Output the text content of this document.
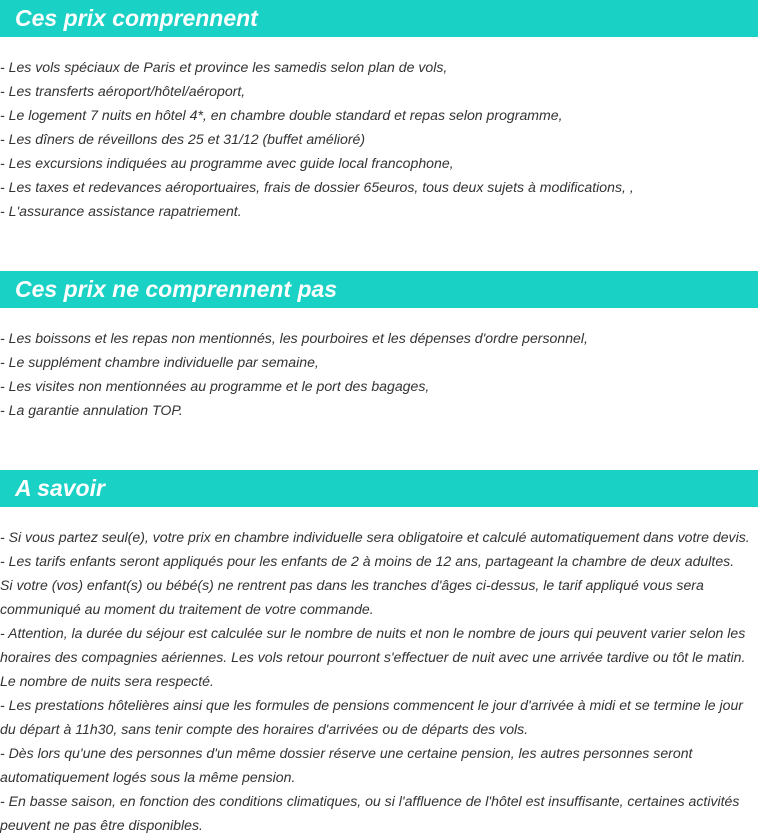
Ces prix comprennent
- Les vols spéciaux de Paris et province les samedis selon plan de vols,
- Les transferts aéroport/hôtel/aéroport,
- Le logement 7 nuits en hôtel 4*, en chambre double standard et repas selon programme,
- Les dîners de réveillons des 25 et 31/12 (buffet amélioré)
- Les excursions indiquées au programme avec guide local francophone,
- Les taxes et redevances aéroportuaires, frais de dossier 65euros, tous deux sujets à modifications, ,
- L'assurance assistance rapatriement.
Ces prix ne comprennent pas
- Les boissons et les repas non mentionnés, les pourboires et les dépenses d'ordre personnel,
- Le supplément chambre individuelle par semaine,
- Les visites non mentionnées au programme et le port des bagages,
- La garantie annulation TOP.
A savoir
- Si vous partez seul(e), votre prix en chambre individuelle sera obligatoire et calculé automatiquement dans votre devis.
- Les tarifs enfants seront appliqués pour les enfants de 2 à moins de 12 ans, partageant la chambre de deux adultes.
Si votre (vos) enfant(s) ou bébé(s) ne rentrent pas dans les tranches d'âges ci-dessus, le tarif appliqué vous sera
communiqué au moment du traitement de votre commande.
- Attention, la durée du séjour est calculée sur le nombre de nuits et non le nombre de jours qui peuvent varier selon les
horaires des compagnies aériennes. Les vols retour pourront s'effectuer de nuit avec une arrivée tardive ou tôt le matin.
Le nombre de nuits sera respecté.
- Les prestations hôtelières ainsi que les formules de pensions commencent le jour d'arrivée à midi et se termine le jour
du départ à 11h30, sans tenir compte des horaires d'arrivées ou de départs des vols.
- Dès lors qu'une des personnes d'un même dossier réserve une certaine pension, les autres personnes seront
automatiquement logés sous la même pension.
- En basse saison, en fonction des conditions climatiques, ou si l'affluence de l'hôtel est insuffisante, certaines activités
peuvent ne pas être disponibles.
